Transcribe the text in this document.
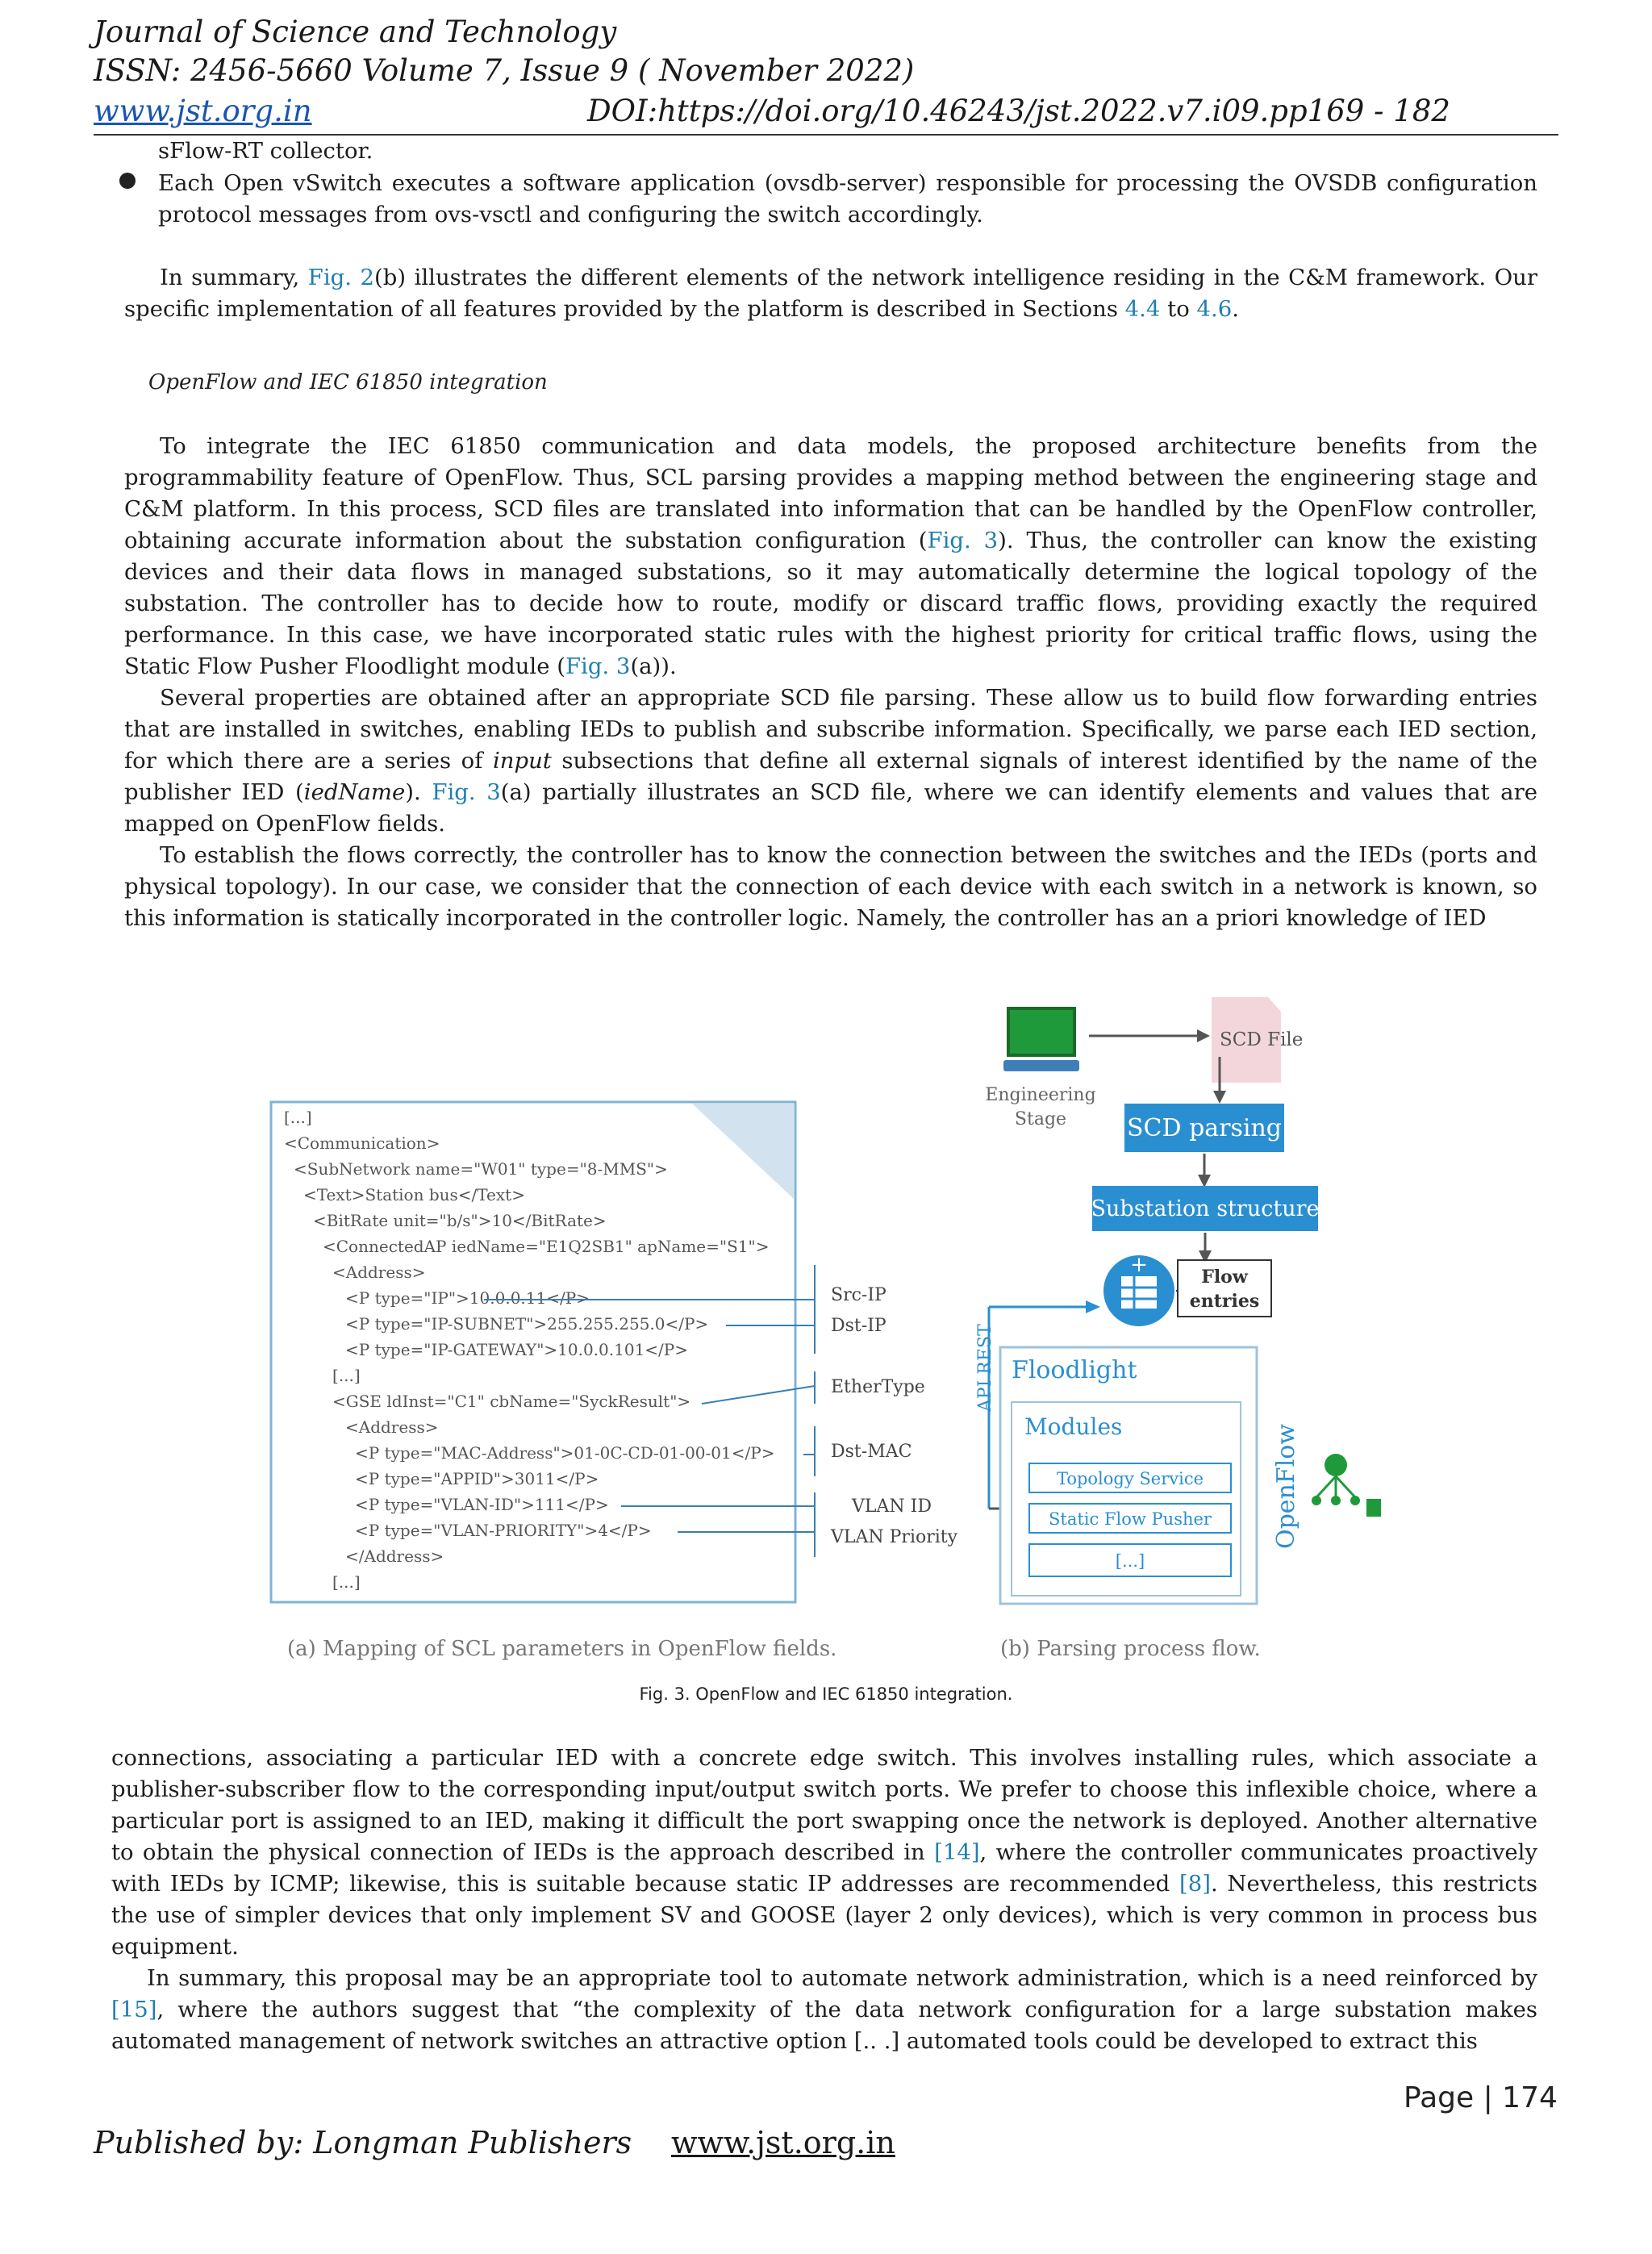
Journal of Science and Technology
ISSN: 2456-5660 Volume 7, Issue 9 ( November 2022)
www.jst.org.in	DOI:https://doi.org/10.46243/jst.2022.v7.i09.pp169 - 182
sFlow-RT collector.
Each Open vSwitch executes a software application (ovsdb-server) responsible for processing the OVSDB configuration protocol messages from ovs-vsctl and configuring the switch accordingly.

In summary, Fig. 2(b) illustrates the different elements of the network intelligence residing in the C&M framework. Our specific implementation of all features provided by the platform is described in Sections 4.4 to 4.6.

OpenFlow and IEC 61850 integration

To integrate the IEC 61850 communication and data models, the proposed architecture benefits from the programmability feature of OpenFlow. Thus, SCL parsing provides a mapping method between the engineering stage and C&M platform. In this process, SCD files are translated into information that can be handled by the OpenFlow controller, obtaining accurate information about the substation configuration (Fig. 3). Thus, the controller can know the existing devices and their data flows in managed substations, so it may automatically determine the logical topology of the substation. The controller has to decide how to route, modify or discard traffic flows, providing exactly the required performance. In this case, we have incorporated static rules with the highest priority for critical traffic flows, using the Static Flow Pusher Floodlight module (Fig. 3(a)).

Several properties are obtained after an appropriate SCD file parsing. These allow us to build flow forwarding entries that are installed in switches, enabling IEDs to publish and subscribe information. Specifically, we parse each IED section, for which there are a series of input subsections that define all external signals of interest identified by the name of the publisher IED (iedName). Fig. 3(a) partially illustrates an SCD file, where we can identify elements and values that are mapped on OpenFlow fields.

To establish the flows correctly, the controller has to know the connection between the switches and the IEDs (ports and physical topology). In our case, we consider that the connection of each device with each switch in a network is known, so this information is statically incorporated in the controller logic. Namely, the controller has an a priori knowledge of IED

[...]
<Communication>
<SubNetwork name="W01" type="8-MMS">
<Text>Station bus</Text>
<BitRate unit="b/s">10</BitRate>
<ConnectedAP iedName="E1Q2SB1" apName="S1">
<Address>
<P type="IP">10.0.0.11</P>
<P type="IP-SUBNET">255.255.255.0</P>
<P type="IP-GATEWAY">10.0.0.101</P>
[...]
<GSE ldInst="C1" cbName="SyckResult">
<Address>
<P type="MAC-Address">01-0C-CD-01-00-01</P>
<P type="APPID">3011</P>
<P type="VLAN-ID">111</P>
<P type="VLAN-PRIORITY">4</P>
</Address>
[...]
Src-IP
Dst-IP
EtherType
Dst-MAC
VLAN ID
VLAN Priority
Engineering
Stage
SCD File
SCD parsing
Substation structure
+	Flow
entries
API REST Floodlight
Modules
Topology Service
Static Flow Pusher
[...]
OpenFlow
(a) Mapping of SCL parameters in OpenFlow fields.	(b) Parsing process flow.
Fig. 3. OpenFlow and IEC 61850 integration.

connections, associating a particular IED with a concrete edge switch. This involves installing rules, which associate a publisher-subscriber flow to the corresponding input/output switch ports. We prefer to choose this inflexible choice, where a particular port is assigned to an IED, making it difficult the port swapping once the network is deployed. Another alternative to obtain the physical connection of IEDs is the approach described in [14], where the controller communicates proactively with IEDs by ICMP; likewise, this is suitable because static IP addresses are recommended [8]. Nevertheless, this restricts the use of simpler devices that only implement SV and GOOSE (layer 2 only devices), which is very common in process bus equipment.

In summary, this proposal may be an appropriate tool to automate network administration, which is a need reinforced by [15], where the authors suggest that “the complexity of the data network configuration for a large substation makes automated management of network switches an attractive option [.. .] automated tools could be developed to extract this

Page | 174
Published by: Longman Publishers www.jst.org.in
